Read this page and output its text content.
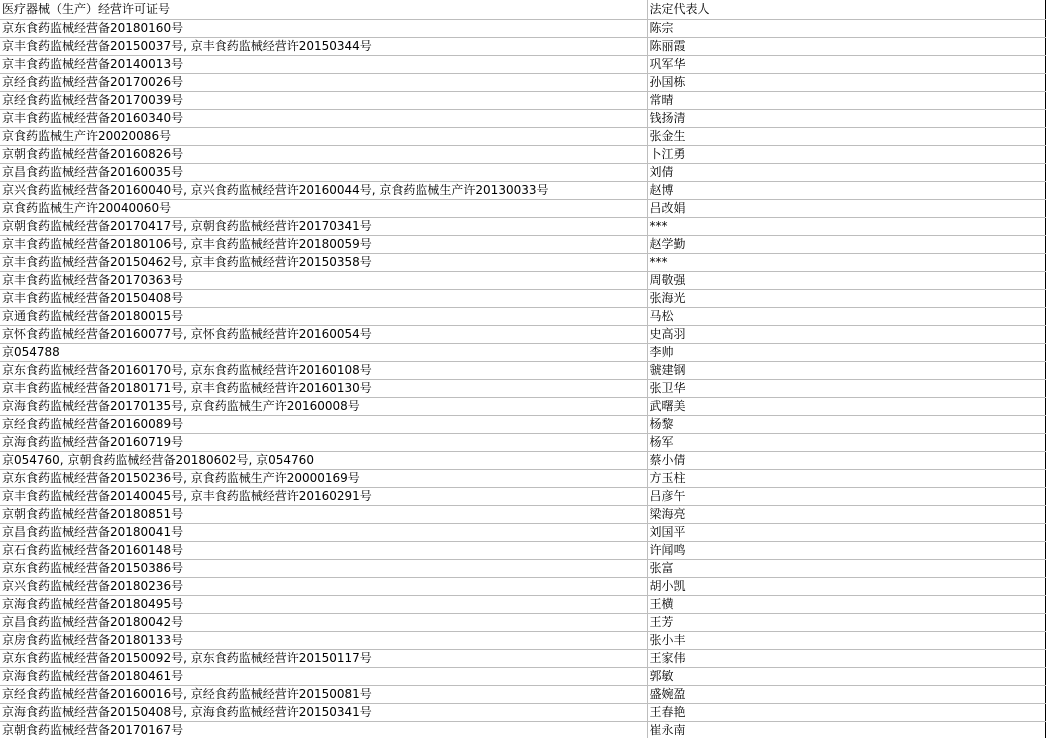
医疗器械（生产）经营许可证号	法定代表人
京东食药监械经营备20180160号	陈宗
京丰食药监械经营备20150037号, 京丰食药监械经营许20150344号	陈丽霞
京丰食药监械经营备20140013号	巩军华
京经食药监械经营备20170026号	孙国栋
京经食药监械经营备20170039号	常晴
京丰食药监械经营备20160340号	钱扬清
京食药监械生产许20020086号	张金生
京朝食药监械经营备20160826号	卜江勇
京昌食药监械经营备20160035号	刘倩
京兴食药监械经营备20160040号, 京兴食药监械经营许20160044号, 京食药监械生产许20130033号	赵博
京食药监械生产许20040060号	吕改娟
京朝食药监械经营备20170417号, 京朝食药监械经营许20170341号	***
京丰食药监械经营备20180106号, 京丰食药监械经营许20180059号	赵学勤
京丰食药监械经营备20150462号, 京丰食药监械经营许20150358号	***
京丰食药监械经营备20170363号	周敬强
京丰食药监械经营备20150408号	张海光
京通食药监械经营备20180015号	马松
京怀食药监械经营备20160077号, 京怀食药监械经营许20160054号	史高羽
京054788	李帅
京东食药监械经营备20160170号, 京东食药监械经营许20160108号	虢建钢
京丰食药监械经营备20180171号, 京丰食药监械经营许20160130号	张卫华
京海食药监械经营备20170135号, 京食药监械生产许20160008号	武曙美
京经食药监械经营备20160089号	杨黎
京海食药监械经营备20160719号	杨军
京054760, 京朝食药监械经营备20180602号, 京054760	蔡小倩
京东食药监械经营备20150236号, 京食药监械生产许20000169号	方玉柱
京丰食药监械经营备20140045号, 京丰食药监械经营许20160291号	吕彦午
京朝食药监械经营备20180851号	梁海亮
京昌食药监械经营备20180041号	刘国平
京石食药监械经营备20160148号	许闻鸣
京东食药监械经营备20150386号	张富
京兴食药监械经营备20180236号	胡小凯
京海食药监械经营备20180495号	王横
京昌食药监械经营备20180042号	王芳
京房食药监械经营备20180133号	张小丰
京东食药监械经营备20150092号, 京东食药监械经营许20150117号	王家伟
京海食药监械经营备20180461号	郭敏
京经食药监械经营备20160016号, 京经食药监械经营许20150081号	盛婉盈
京海食药监械经营备20150408号, 京海食药监械经营许20150341号	王春艳
京朝食药监械经营备20170167号	崔永南
